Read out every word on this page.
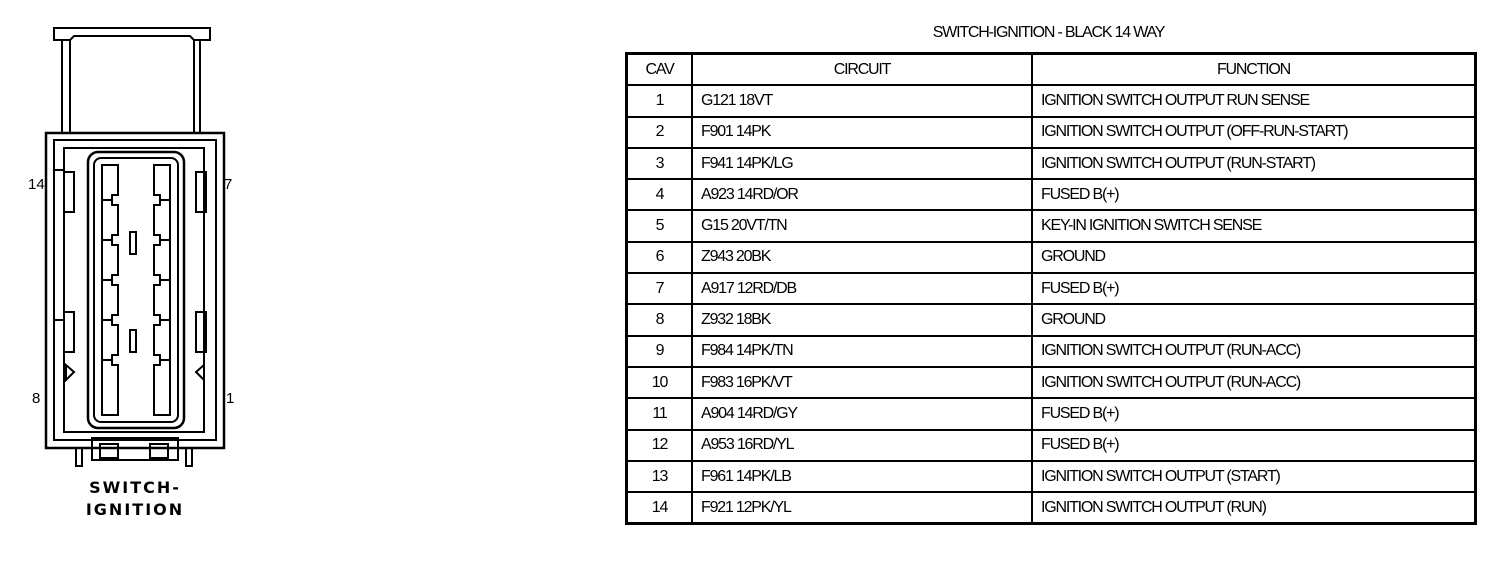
14	7
8	1
SWITCH-
IGNITION
SWITCH-IGNITION - BLACK 14 WAY
CAV	CIRCUIT	FUNCTION
1	G121 18VT	IGNITION SWITCH OUTPUT RUN SENSE
2	F901 14PK	IGNITION SWITCH OUTPUT (OFF-RUN-START)
3	F941 14PK/LG	IGNITION SWITCH OUTPUT (RUN-START)
4	A923 14RD/OR	FUSED B(+)
5	G15 20VT/TN	KEY-IN IGNITION SWITCH SENSE
6	Z943 20BK	GROUND
7	A917 12RD/DB	FUSED B(+)
8	Z932 18BK	GROUND
9	F984 14PK/TN	IGNITION SWITCH OUTPUT (RUN-ACC)
10	F983 16PK/VT	IGNITION SWITCH OUTPUT (RUN-ACC)
11	A904 14RD/GY	FUSED B(+)
12	A953 16RD/YL	FUSED B(+)
13	F961 14PK/LB	IGNITION SWITCH OUTPUT (START)
14	F921 12PK/YL	IGNITION SWITCH OUTPUT (RUN)
